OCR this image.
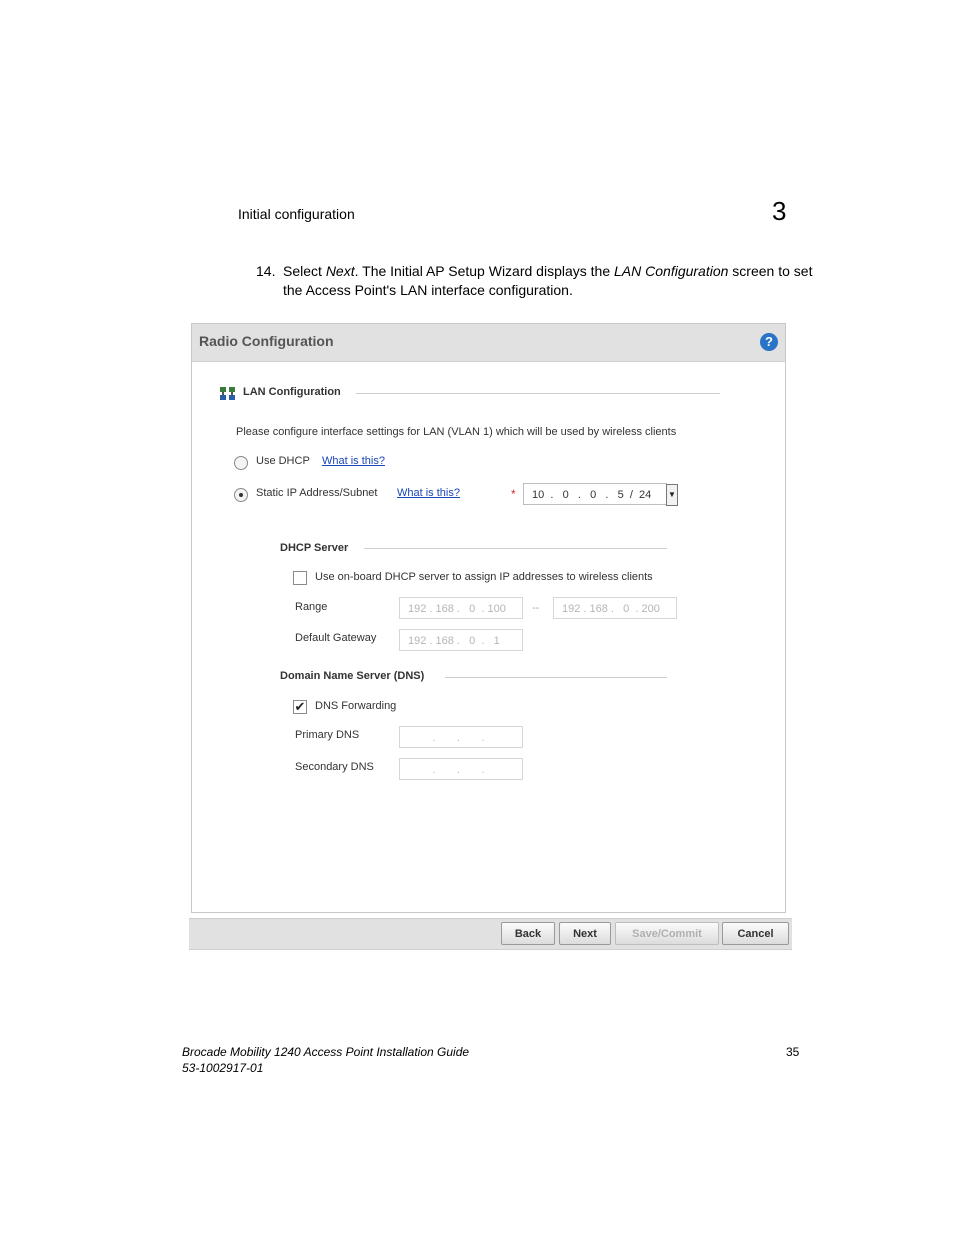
Initial configuration	3
14. Select Next. The Initial AP Setup Wizard displays the LAN Configuration screen to set the Access Point's LAN interface configuration.
Radio Configuration	?
LAN Configuration
Please configure interface settings for LAN (VLAN 1) which will be used by wireless clients
Use DHCP What is this?
Static IP Address/Subnet What is this?	*	10  .   0   .   0   .   5  /  24	▼
DHCP Server
Use on-board DHCP server to assign IP addresses to wireless clients
Range	192 . 168 .   0  . 100	--	192 . 168 .   0  . 200
Default Gateway	192 . 168 .   0  .   1
Domain Name Server (DNS)
✔ DNS Forwarding
Primary DNS	.       .       .
Secondary DNS	.       .       .
Back	Next	Save/Commit	Cancel
Brocade Mobility 1240 Access Point Installation Guide
53-1002917-01
35
